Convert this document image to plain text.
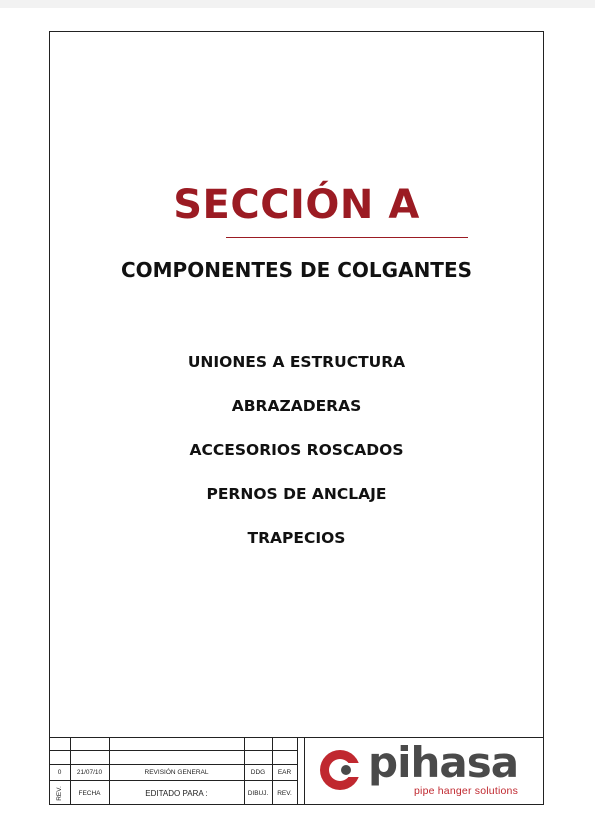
SECCIÓN A
COMPONENTES DE COLGANTES
UNIONES A ESTRUCTURA
ABRAZADERAS
ACCESORIOS ROSCADOS
PERNOS DE ANCLAJE
TRAPECIOS
0	21/07/10	REVISIÓN GENERAL	DDG	EAR
REV.	FECHA	EDITADO PARA :	DIBUJ.	REV.
pihasa
pipe hanger solutions
